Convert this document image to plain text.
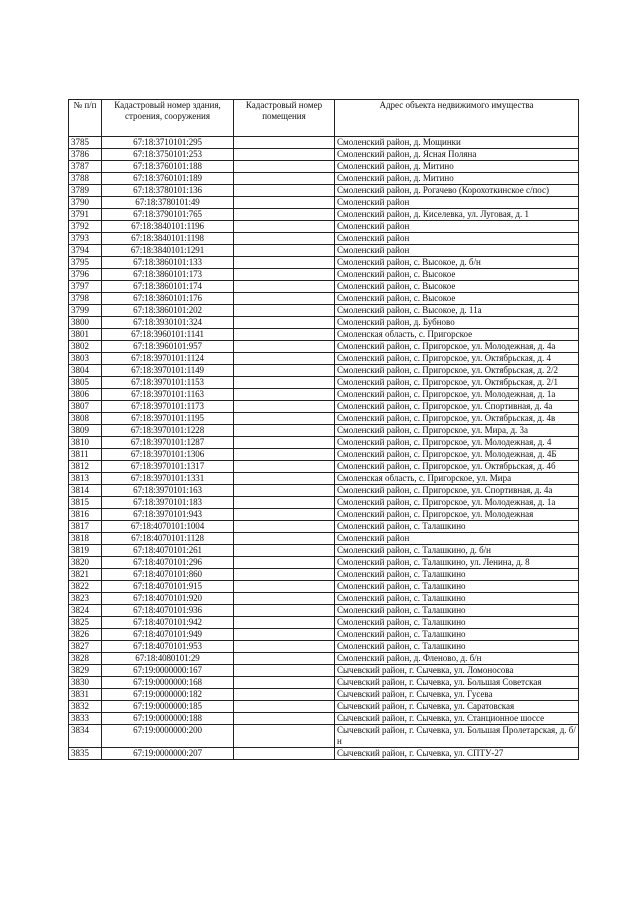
№ п/п	Кадастровый номер здания, строения, сооружения	Кадастровый номер помещения	Адрес объекта недвижимого имущества
3785	67:18:3710101:295		Смоленский район, д. Мощинки
3786	67:18:3750101:253		Смоленский район, д. Ясная Поляна
3787	67:18:3760101:188		Смоленский район, д. Митино
3788	67:18:3760101:189		Смоленский район, д. Митино
3789	67:18:3780101:136		Смоленский район, д. Рогачево (Корохоткинское с/пос)
3790	67:18:3780101:49		Смоленский район
3791	67:18:3790101:765		Смоленский район, д. Киселевка, ул. Луговая, д. 1
3792	67:18:3840101:1196		Смоленский район
3793	67:18:3840101:1198		Смоленский район
3794	67:18:3840101:1291		Смоленский район
3795	67:18:3860101:133		Смоленский район, с. Высокое, д. б/н
3796	67:18:3860101:173		Смоленский район, с. Высокое
3797	67:18:3860101:174		Смоленский район, с. Высокое
3798	67:18:3860101:176		Смоленский район, с. Высокое
3799	67:18:3860101:202		Смоленский район, с. Высокое, д. 11а
3800	67:18:3930101:324		Смоленский район, д. Бубново
3801	67:18:3960101:1141		Смоленская область, с. Пригорское
3802	67:18:3960101:957		Смоленский район, с. Пригорское, ул. Молодежная, д. 4а
3803	67:18:3970101:1124		Смоленский район, с. Пригорское, ул. Октябрьская, д. 4
3804	67:18:3970101:1149		Смоленский район, с. Пригорское, ул. Октябрьская, д. 2/2
3805	67:18:3970101:1153		Смоленский район, с. Пригорское, ул. Октябрьская, д. 2/1
3806	67:18:3970101:1163		Смоленский район, с. Пригорское, ул. Молодежная, д. 1а
3807	67:18:3970101:1173		Смоленский район, с. Пригорское, ул. Спортивная, д. 4а
3808	67:18:3970101:1195		Смоленский район, с. Пригорское, ул. Октябрьская, д. 4в
3809	67:18:3970101:1228		Смоленский район, с. Пригорское, ул. Мира, д. 3а
3810	67:18:3970101:1287		Смоленский район, с. Пригорское, ул. Молодежная, д. 4
3811	67:18:3970101:1306		Смоленский район, с. Пригорское, ул. Молодежная, д. 4Б
3812	67:18:3970101:1317		Смоленский район, с. Пригорское, ул. Октябрьская, д. 4б
3813	67:18:3970101:1331		Смоленская область, с. Пригорское, ул. Мира
3814	67:18:3970101:163		Смоленский район, с. Пригорское, ул. Спортивная, д. 4а
3815	67:18:3970101:183		Смоленский район, с. Пригорское, ул. Молодежная, д. 1а
3816	67:18:3970101:943		Смоленский район, с. Пригорское, ул. Молодежная
3817	67:18:4070101:1004		Смоленский район, с. Талашкино
3818	67:18:4070101:1128		Смоленский район
3819	67:18:4070101:261		Смоленский район, с. Талашкино, д. б/н
3820	67:18:4070101:296		Смоленский район, с. Талашкино, ул. Ленина, д. 8
3821	67:18:4070101:860		Смоленский район, с. Талашкино
3822	67:18:4070101:915		Смоленский район, с. Талашкино
3823	67:18:4070101:920		Смоленский район, с. Талашкино
3824	67:18:4070101:936		Смоленский район, с. Талашкино
3825	67:18:4070101:942		Смоленский район, с. Талашкино
3826	67:18:4070101:949		Смоленский район, с. Талашкино
3827	67:18:4070101:953		Смоленский район, с. Талашкино
3828	67:18:4080101:29		Смоленский район, д. Фленово, д. б/н
3829	67:19:0000000:167		Сычевский район, г. Сычевка, ул. Ломоносова
3830	67:19:0000000:168		Сычевский район, г. Сычевка, ул. Большая Советская
3831	67:19:0000000:182		Сычевский район, г. Сычевка, ул. Гусева
3832	67:19:0000000:185		Сычевский район, г. Сычевка, ул. Саратовская
3833	67:19:0000000:188		Сычевский район, г. Сычевка, ул. Станционное шоссе
3834	67:19:0000000:200		Сычевский район, г. Сычевка, ул. Большая Пролетарская, д. б/н
3835	67:19:0000000:207		Сычевский район, г. Сычевка, ул. СПТУ-27
